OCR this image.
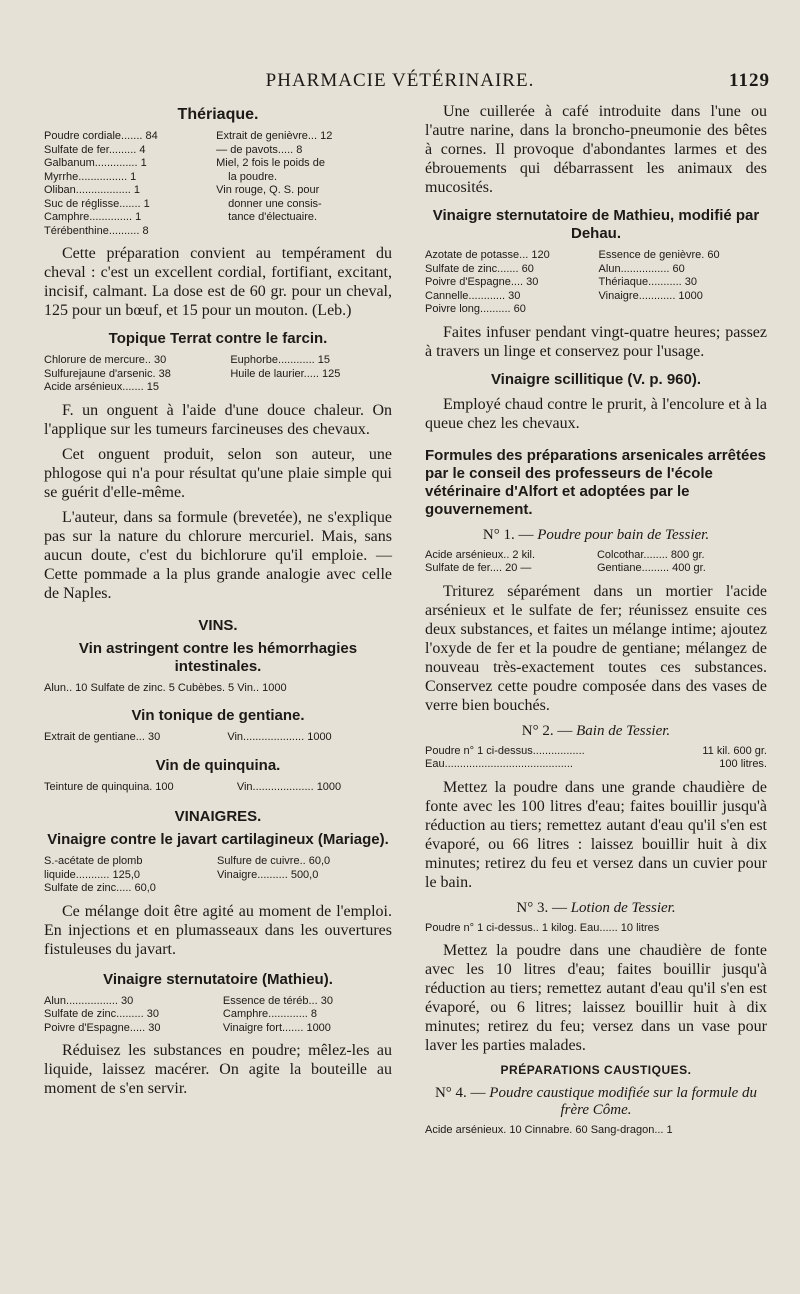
PHARMACIE VÉTÉRINAIRE.	1129
Thériaque.
Poudre cordiale....... 84	Extrait de genièvre... 12
Sulfate de fer......... 4	— de pavots..... 8
Galbanum.............. 1	Miel, 2 fois le poids de
Myrrhe................ 1	la poudre.
Oliban.................. 1	Vin rouge, Q. S. pour
Suc de réglisse....... 1	donner une consis-
Camphre.............. 1	tance d'électuaire.
Térébenthine.......... 8	

Cette préparation convient au tempérament du cheval : c'est un excellent cordial, fortifiant, excitant, incisif, calmant. La dose est de 60 gr. pour un cheval, 125 pour un bœuf, et 15 pour un mouton. (Leb.)

Topique Terrat contre le farcin.
Chlorure de mercure.. 30	Euphorbe............ 15
Sulfurejaune d'arsenic. 38	Huile de laurier..... 125
Acide arsénieux....... 15	

F. un onguent à l'aide d'une douce chaleur. On l'applique sur les tumeurs farcineuses des chevaux.

Cet onguent produit, selon son auteur, une phlogose qui n'a pour résultat qu'une plaie simple qui se guérit d'elle-même.

L'auteur, dans sa formule (brevetée), ne s'explique pas sur la nature du chlorure mercuriel. Mais, sans aucun doute, c'est du bichlorure qu'il emploie. — Cette pommade a la plus grande analogie avec celle de Naples.

VINS.
Vin astringent contre les hémorrhagies intestinales.
Alun.. 10 Sulfate de zinc. 5 Cubèbes. 5 Vin.. 1000
Vin tonique de gentiane.
Extrait de gentiane... 30	Vin.................... 1000
Vin de quinquina.
Teinture de quinquina. 100	Vin.................... 1000
VINAIGRES.
Vinaigre contre le javart cartilagineux (Mariage).
S.-acétate de plomb	Sulfure de cuivre.. 60,0
liquide........... 125,0	Vinaigre.......... 500,0
Sulfate de zinc..... 60,0	

Ce mélange doit être agité au moment de l'emploi. En injections et en plumasseaux dans les ouvertures fistuleuses du javart.

Vinaigre sternutatoire (Mathieu).
Alun................. 30	Essence de téréb... 30
Sulfate de zinc......... 30	Camphre............. 8
Poivre d'Espagne..... 30	Vinaigre fort....... 1000

Réduisez les substances en poudre; mêlez-les au liquide, laissez macérer. On agite la bouteille au moment de s'en servir.

Une cuillerée à café introduite dans l'une ou l'autre narine, dans la broncho-pneumonie des bêtes à cornes. Il provoque d'abondantes larmes et des ébrouements qui débarrassent les animaux des mucosités.

Vinaigre sternutatoire de Mathieu, modifié par Dehau.
Azotate de potasse... 120	Essence de genièvre. 60
Sulfate de zinc....... 60	Alun................ 60
Poivre d'Espagne.... 30	Thériaque........... 30
Cannelle............ 30	Vinaigre............ 1000
Poivre long.......... 60	

Faites infuser pendant vingt-quatre heures; passez à travers un linge et conservez pour l'usage.

Vinaigre scillitique (V. p. 960).

Employé chaud contre le prurit, à l'encolure et à la queue chez les chevaux.

Formules des préparations arsenicales arrêtées par le conseil des professeurs de l'école vétérinaire d'Alfort et adoptées par le gouvernement.
N° 1. — Poudre pour bain de Tessier.
Acide arsénieux.. 2 kil.	Colcothar........ 800 gr.
Sulfate de fer.... 20 —	Gentiane......... 400 gr.

Triturez séparément dans un mortier l'acide arsénieux et le sulfate de fer; réunissez ensuite ces deux substances, et faites un mélange intime; ajoutez l'oxyde de fer et la poudre de gentiane; mélangez de nouveau très-exactement toutes ces substances. Conservez cette poudre composée dans des vases de verre bien bouchés.

N° 2. — Bain de Tessier.
Poudre n° 1 ci-dessus.................	11 kil. 600 gr.
Eau..........................................	100 litres.

Mettez la poudre dans une grande chaudière de fonte avec les 100 litres d'eau; faites bouillir jusqu'à réduction au tiers; remettez autant d'eau qu'il s'en est évaporé, ou 66 litres : laissez bouillir huit à dix minutes; retirez du feu et versez dans un cuvier pour le bain.

N° 3. — Lotion de Tessier.
Poudre n° 1 ci-dessus.. 1 kilog. Eau...... 10 litres

Mettez la poudre dans une chaudière de fonte avec les 10 litres d'eau; faites bouillir jusqu'à réduction au tiers; remettez autant d'eau qu'il s'en est évaporé, ou 6 litres; laissez bouillir huit à dix minutes; retirez du feu; versez dans un vase pour laver les parties malades.

PRÉPARATIONS CAUSTIQUES.
N° 4. — Poudre caustique modifiée sur la formule du frère Côme.
Acide arsénieux. 10 Cinnabre. 60 Sang-dragon... 1
